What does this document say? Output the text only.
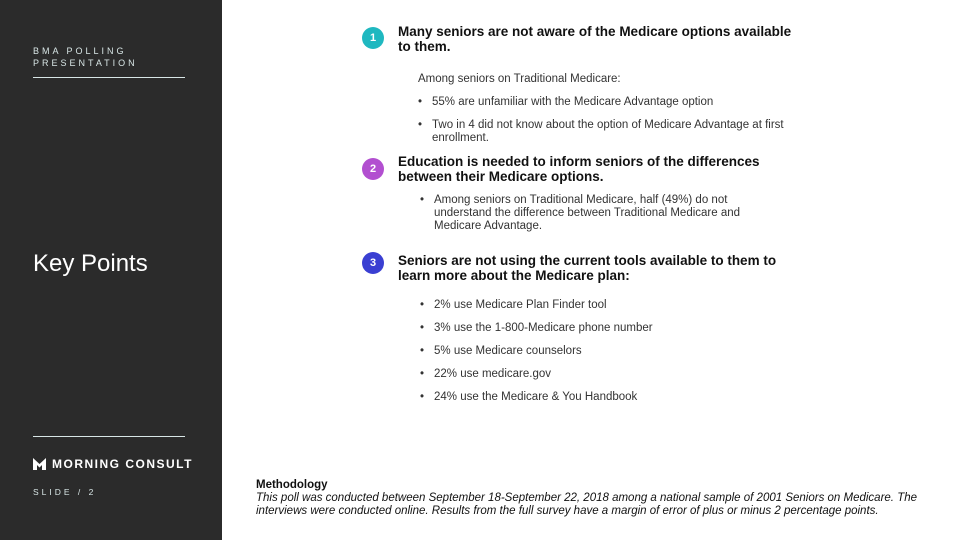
BMA POLLING
PRESENTATION
Key Points
MORNING CONSULT
SLIDE / 2
1	Many seniors are not aware of the Medicare options available to them.
Among seniors on Traditional Medicare:
• 55% are unfamiliar with the Medicare Advantage option
• Two in 4 did not know about the option of Medicare Advantage at first enrollment.
2	Education is needed to inform seniors of the differences between their Medicare options.
• Among seniors on Traditional Medicare, half (49%) do not understand the difference between Traditional Medicare and Medicare Advantage.
3	Seniors are not using the current tools available to them to learn more about the Medicare plan:
• 2% use Medicare Plan Finder tool
• 3% use the 1-800-Medicare phone number
• 5% use Medicare counselors
• 22% use medicare.gov
• 24% use the Medicare & You Handbook
Methodology
This poll was conducted between September 18-September 22, 2018 among a national sample of 2001 Seniors on Medicare. The interviews were conducted online. Results from the full survey have a margin of error of plus or minus 2 percentage points.
